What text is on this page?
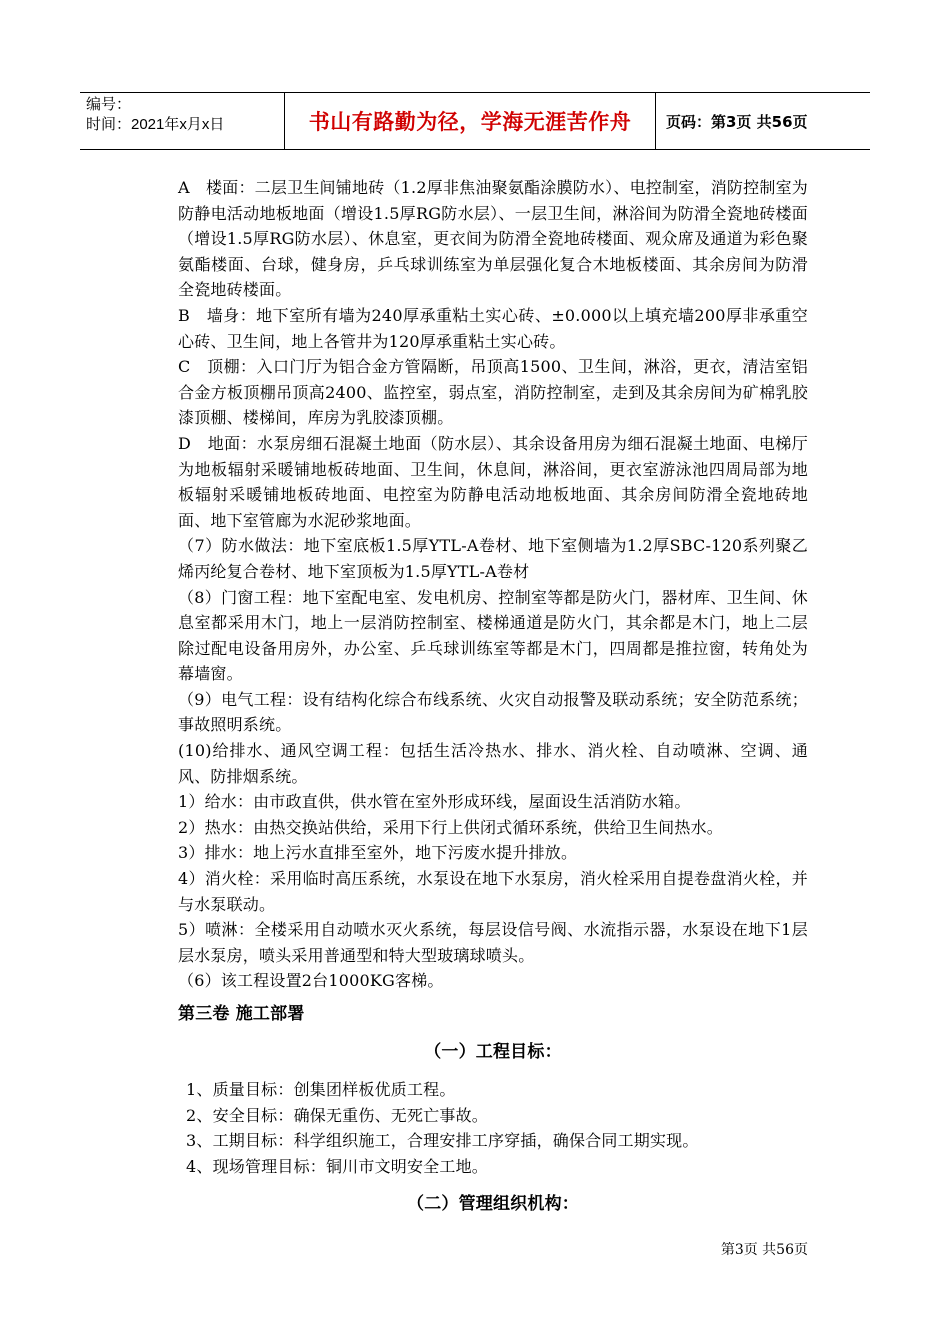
编号：
时间：2021年x月x日	书山有路勤为径，学海无涯苦作舟	页码：第3页 共56页

A　楼面：二层卫生间铺地砖（1.2厚非焦油聚氨酯涂膜防水）、电控制室，消防控制室为防静电活动地板地面（增设1.5厚RG防水层）、一层卫生间，淋浴间为防滑全瓷地砖楼面（增设1.5厚RG防水层）、休息室，更衣间为防滑全瓷地砖楼面、观众席及通道为彩色聚氨酯楼面、台球，健身房，乒乓球训练室为单层强化复合木地板楼面、其余房间为防滑全瓷地砖楼面。

B　墙身：地下室所有墙为240厚承重粘土实心砖、±0.000以上填充墙200厚非承重空心砖、卫生间，地上各管井为120厚承重粘土实心砖。

C　顶棚：入口门厅为铝合金方管隔断，吊顶高1500、卫生间，淋浴，更衣，清洁室铝合金方板顶棚吊顶高2400、监控室，弱点室，消防控制室，走到及其余房间为矿棉乳胶漆顶棚、楼梯间，库房为乳胶漆顶棚。

D　地面：水泵房细石混凝土地面（防水层）、其余设备用房为细石混凝土地面、电梯厅为地板辐射采暖铺地板砖地面、卫生间，休息间，淋浴间，更衣室游泳池四周局部为地板辐射采暖铺地板砖地面、电控室为防静电活动地板地面、其余房间防滑全瓷地砖地面、地下室管廊为水泥砂浆地面。

（7）防水做法：地下室底板1.5厚YTL-A卷材、地下室侧墙为1.2厚SBC-120系列聚乙烯丙纶复合卷材、地下室顶板为1.5厚YTL-A卷材

（8）门窗工程：地下室配电室、发电机房、控制室等都是防火门，器材库、卫生间、休息室都采用木门，地上一层消防控制室、楼梯通道是防火门，其余都是木门，地上二层除过配电设备用房外，办公室、乒乓球训练室等都是木门，四周都是推拉窗，转角处为幕墙窗。

（9）电气工程：设有结构化综合布线系统、火灾自动报警及联动系统；安全防范系统；事故照明系统。

(10)给排水、通风空调工程：包括生活冷热水、排水、消火栓、自动喷淋、空调、通风、防排烟系统。

1）给水：由市政直供，供水管在室外形成环线，屋面设生活消防水箱。

2）热水：由热交换站供给，采用下行上供闭式循环系统，供给卫生间热水。

3）排水：地上污水直排至室外，地下污废水提升排放。

4）消火栓：采用临时高压系统，水泵设在地下水泵房，消火栓采用自提卷盘消火栓，并与水泵联动。

5）喷淋：全楼采用自动喷水灭火系统，每层设信号阀、水流指示器，水泵设在地下1层层水泵房，喷头采用普通型和特大型玻璃球喷头。

（6）该工程设置2台1000KG客梯。

第三卷 施工部署

（一）工程目标：

1、质量目标：创集团样板优质工程。

2、安全目标：确保无重伤、无死亡事故。

3、工期目标：科学组织施工，合理安排工序穿插，确保合同工期实现。

4、现场管理目标：铜川市文明安全工地。

（二）管理组织机构：

第3页 共56页
